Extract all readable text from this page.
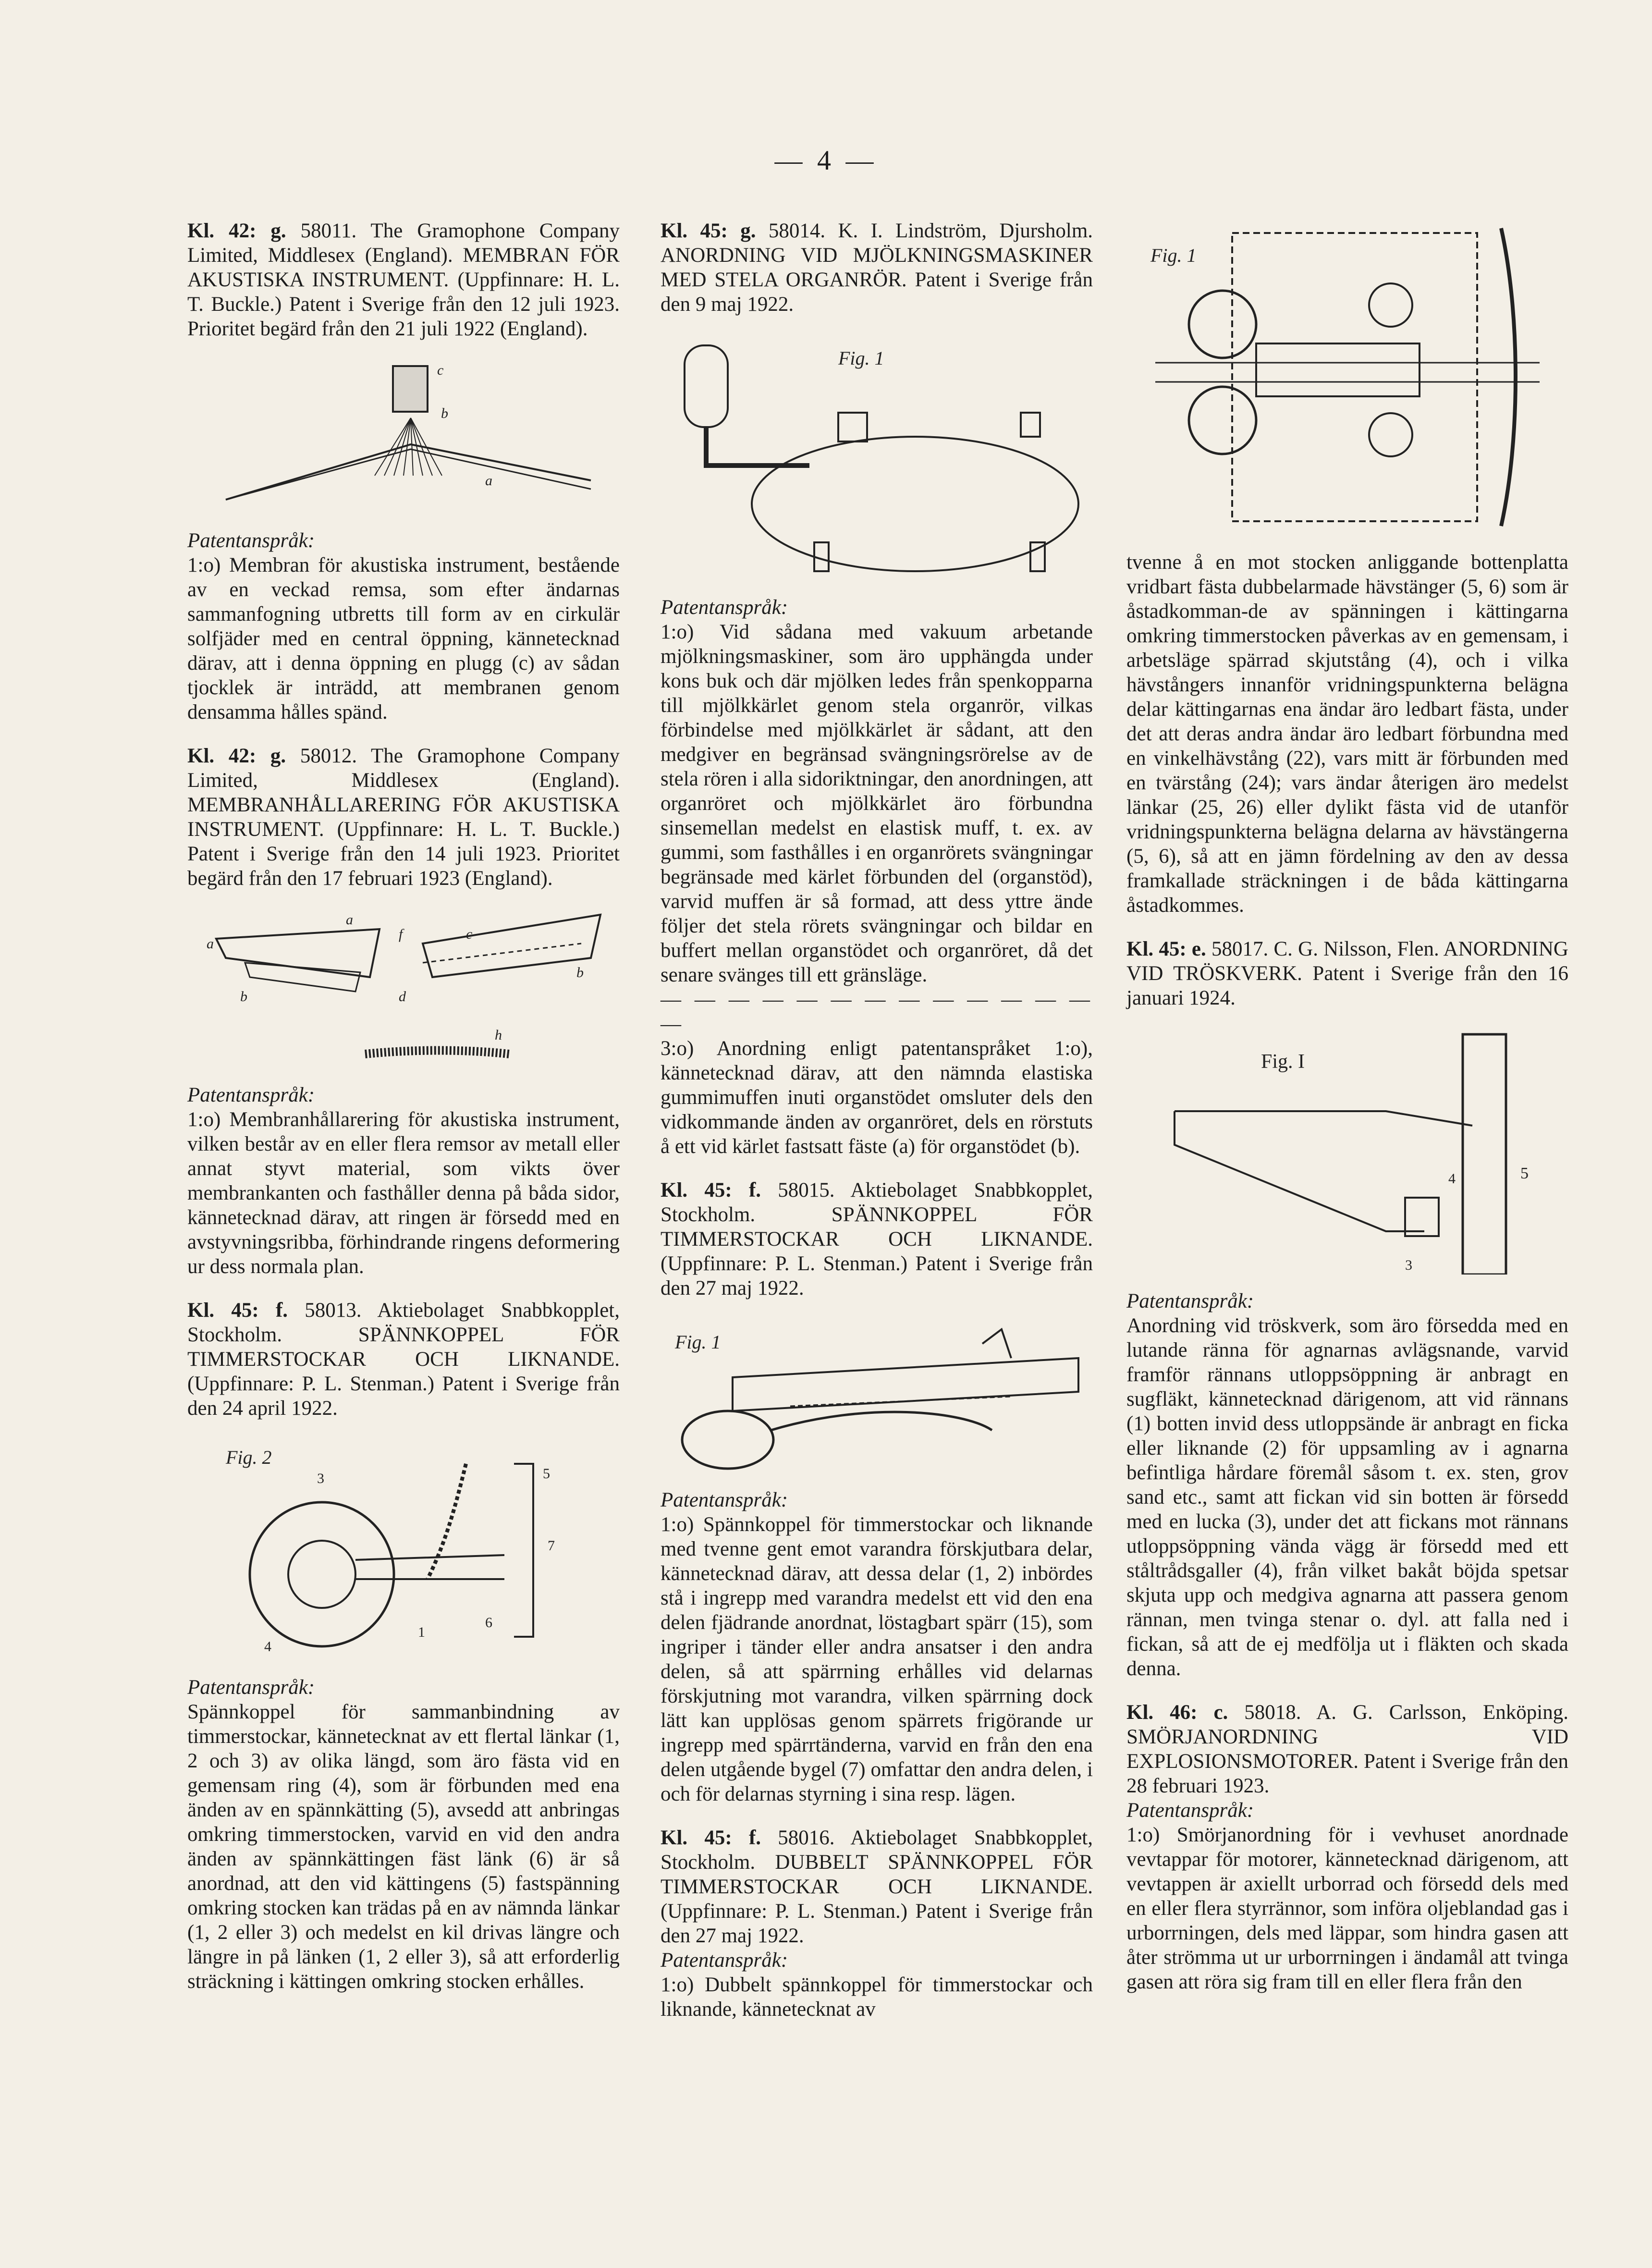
— 4 —

Kl. 42: g. 58011. The Gramophone Company Limited, Middlesex (England). MEMBRAN FÖR AKUSTISKA INSTRUMENT. (Uppfinnare: H. L. T. Buckle.) Patent i Sverige från den 12 juli 1923. Prioritet begärd från den 21 juli 1922 (England).

c
b
a

Patentanspråk:

1:o) Membran för akustiska instrument, bestående av en veckad remsa, som efter ändarnas sammanfogning utbretts till form av en cirkulär solfjäder med en central öppning, kännetecknad därav, att i denna öppning en plugg (c) av sådan tjocklek är inträdd, att membranen genom densamma hålles spänd.

Kl. 42: g. 58012. The Gramophone Company Limited, Middlesex (England). MEMBRANHÅLLARERING FÖR AKUSTISKA INSTRUMENT. (Uppfinnare: H. L. T. Buckle.) Patent i Sverige från den 14 juli 1923. Prioritet begärd från den 17 februari 1923 (England).

a
a
f	c
b
b	d
h

Patentanspråk:

1:o) Membranhållarering för akustiska instrument, vilken består av en eller flera remsor av metall eller annat styvt material, som vikts över membrankanten och fasthåller denna på båda sidor, kännetecknad därav, att ringen är försedd med en avstyvningsribba, förhindrande ringens deformering ur dess normala plan.

Kl. 45: f. 58013. Aktiebolaget Snabbkopplet, Stockholm. SPÄNNKOPPEL FÖR TIMMERSTOCKAR OCH LIKNANDE. (Uppfinnare: P. L. Stenman.) Patent i Sverige från den 24 april 1922.

Fig. 2
3	5
7
1
4
6

Patentanspråk:

Spännkoppel för sammanbindning av timmerstockar, kännetecknat av ett flertal länkar (1, 2 och 3) av olika längd, som äro fästa vid en gemensam ring (4), som är förbunden med ena änden av en spännkätting (5), avsedd att anbringas omkring timmerstocken, varvid en vid den andra änden av spännkättingen fäst länk (6) är så anordnad, att den vid kättingens (5) fastspänning omkring stocken kan trädas på en av nämnda länkar (1, 2 eller 3) och medelst en kil drivas längre och längre in på länken (1, 2 eller 3), så att erforderlig sträckning i kättingen omkring stocken erhålles.

Kl. 45: g. 58014. K. I. Lindström, Djursholm. ANORDNING VID MJÖLKNINGSMASKINER MED STELA ORGANRÖR. Patent i Sverige från den 9 maj 1922.

Fig. 1

Patentanspråk:

1:o) Vid sådana med vakuum arbetande mjölkningsmaskiner, som äro upphängda under kons buk och där mjölken ledes från spenkopparna till mjölkkärlet genom stela organrör, vilkas förbindelse med mjölkkärlet är sådant, att den medgiver en begränsad svängningsrörelse av de stela rören i alla sidoriktningar, den anordningen, att organröret och mjölkkärlet äro förbundna sinsemellan medelst en elastisk muff, t. ex. av gummi, som fasthålles i en organrörets svängningar begränsade med kärlet förbunden del (organstöd), varvid muffen är så formad, att dess yttre ände följer det stela rörets svängningar och bildar en buffert mellan organstödet och organröret, då det senare svänges till ett gränsläge.

— — — — — — — — — — — — — —

3:o) Anordning enligt patentanspråket 1:o), kännetecknad därav, att den nämnda elastiska gummimuffen inuti organstödet omsluter dels den vidkommande änden av organröret, dels en rörstuts å ett vid kärlet fastsatt fäste (a) för organstödet (b).

Kl. 45: f. 58015. Aktiebolaget Snabbkopplet, Stockholm. SPÄNNKOPPEL FÖR TIMMERSTOCKAR OCH LIKNANDE. (Uppfinnare: P. L. Stenman.) Patent i Sverige från den 27 maj 1922.

Fig. 1

Patentanspråk:

1:o) Spännkoppel för timmerstockar och liknande med tvenne gent emot varandra förskjutbara delar, kännetecknad därav, att dessa delar (1, 2) inbördes stå i ingrepp med varandra medelst ett vid den ena delen fjädrande anordnat, löstagbart spärr (15), som ingriper i tänder eller andra ansatser i den andra delen, så att spärrning erhålles vid delarnas förskjutning mot varandra, vilken spärrning dock lätt kan upplösas genom spärrets frigörande ur ingrepp med spärrtänderna, varvid en från den ena delen utgående bygel (7) omfattar den andra delen, i och för delarnas styrning i sina resp. lägen.

Kl. 45: f. 58016. Aktiebolaget Snabbkopplet, Stockholm. DUBBELT SPÄNNKOPPEL FÖR TIMMERSTOCKAR OCH LIKNANDE. (Uppfinnare: P. L. Stenman.) Patent i Sverige från den 27 maj 1922.

Patentanspråk:

1:o) Dubbelt spännkoppel för timmerstockar och liknande, kännetecknat av

Fig. 1

tvenne å en mot stocken anliggande bottenplatta vridbart fästa dubbelarmade hävstänger (5, 6) som är åstadkomman-de av spänningen i kättingarna omkring timmerstocken påverkas av en gemensam, i arbetsläge spärrad skjutstång (4), och i vilka hävstångers innanför vridningspunkterna belägna delar kättingarnas ena ändar äro ledbart fästa, under det att deras andra ändar äro ledbart förbundna med en vinkelhävstång (22), vars mitt är förbunden med en tvärstång (24); vars ändar återigen äro medelst länkar (25, 26) eller dylikt fästa vid de utanför vridningspunkterna belägna delarna av hävstängerna (5, 6), så att en jämn fördelning av den av dessa framkallade sträckningen i de båda kättingarna åstadkommes.

Kl. 45: e. 58017. C. G. Nilsson, Flen. ANORDNING VID TRÖSKVERK. Patent i Sverige från den 16 januari 1924.

Fig. I
4	5
3

Patentanspråk:

Anordning vid tröskverk, som äro försedda med en lutande ränna för agnarnas avlägsnande, varvid framför rännans utloppsöppning är anbragt en sugfläkt, kännetecknad därigenom, att vid rännans (1) botten invid dess utloppsände är anbragt en ficka eller liknande (2) för uppsamling av i agnarna befintliga hårdare föremål såsom t. ex. sten, grov sand etc., samt att fickan vid sin botten är försedd med en lucka (3), under det att fickans mot rännans utloppsöppning vända vägg är försedd med ett ståltrådsgaller (4), från vilket bakåt böjda spetsar skjuta upp och medgiva agnarna att passera genom rännan, men tvinga stenar o. dyl. att falla ned i fickan, så att de ej medfölja ut i fläkten och skada denna.

Kl. 46: c. 58018. A. G. Carlsson, Enköping. SMÖRJANORDNING VID EXPLOSIONSMOTORER. Patent i Sverige från den 28 februari 1923.

Patentanspråk:

1:o) Smörjanordning för i vevhuset anordnade vevtappar för motorer, kännetecknad därigenom, att vevtappen är axiellt urborrad och försedd dels med en eller flera styrrännor, som införa oljeblandad gas i urborrningen, dels med läppar, som hindra gasen att åter strömma ut ur urborrningen i ändamål att tvinga gasen att röra sig fram till en eller flera från den
